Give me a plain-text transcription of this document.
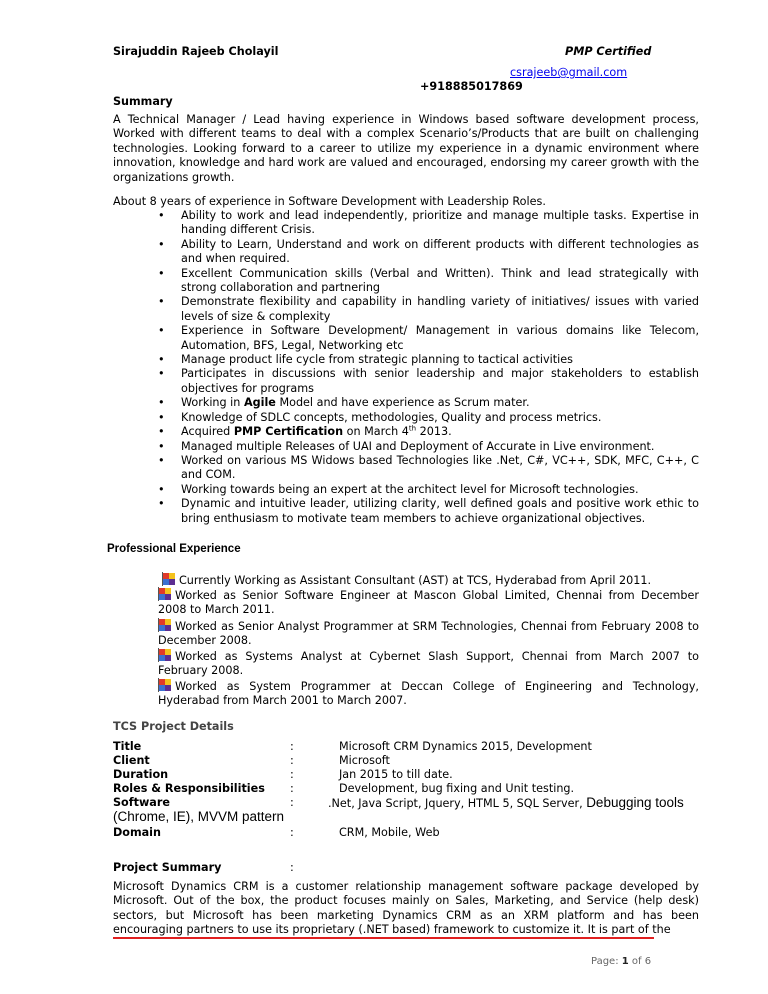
Sirajuddin Rajeeb Cholayil	PMP Certified
csrajeeb@gmail.com
+918885017869
Summary
A Technical Manager / Lead having experience in Windows based software development process, Worked with different teams to deal with a complex Scenario’s/Products that are built on challenging technologies. Looking forward to a career to utilize my experience in a dynamic environment where innovation, knowledge and hard work are valued and encouraged, endorsing my career growth with the organizations growth.
About 8 years of experience in Software Development with Leadership Roles.
• Ability to work and lead independently, prioritize and manage multiple tasks. Expertise in handing different Crisis.
• Ability to Learn, Understand and work on different products with different technologies as and when required.
• Excellent Communication skills (Verbal and Written). Think and lead strategically with strong collaboration and partnering
• Demonstrate flexibility and capability in handling variety of initiatives/ issues with varied levels of size & complexity
• Experience in Software Development/ Management in various domains like Telecom, Automation, BFS, Legal, Networking etc
• Manage product life cycle from strategic planning to tactical activities
• Participates in discussions with senior leadership and major stakeholders to establish objectives for programs
• Working in Agile Model and have experience as Scrum mater.
• Knowledge of SDLC concepts, methodologies, Quality and process metrics.
• Acquired PMP Certification on March 4th 2013.
• Managed multiple Releases of UAI and Deployment of Accurate in Live environment.
• Worked on various MS Widows based Technologies like .Net, C#, VC++, SDK, MFC, C++, C and COM.
• Working towards being an expert at the architect level for Microsoft technologies.
• Dynamic and intuitive leader, utilizing clarity, well defined goals and positive work ethic to bring enthusiasm to motivate team members to achieve organizational objectives.
Professional Experience
Currently Working as Assistant Consultant (AST) at TCS, Hyderabad from April 2011.
Worked as Senior Software Engineer at Mascon Global Limited, Chennai from December 2008 to March 2011.
Worked as Senior Analyst Programmer at SRM Technologies, Chennai from February 2008 to December 2008.
Worked as Systems Analyst at Cybernet Slash Support, Chennai from March 2007 to February 2008.
Worked as System Programmer at Deccan College of Engineering and Technology, Hyderabad from March 2001 to March 2007.
TCS Project Details
Title	:	Microsoft CRM Dynamics 2015, Development
Client	:	Microsoft
Duration	:	Jan 2015 to till date.
Roles & Responsibilities :	Development, bug fixing and Unit testing.
Software	:	.Net, Java Script, Jquery, HTML 5, SQL Server, Debugging tools
(Chrome, IE), MVVM pattern
Domain	:	CRM, Mobile, Web
Project Summary	:
Microsoft Dynamics CRM is a customer relationship management software package developed by Microsoft. Out of the box, the product focuses mainly on Sales, Marketing, and Service (help desk) sectors, but Microsoft has been marketing Dynamics CRM as an XRM platform and has been encouraging partners to use its proprietary (.NET based) framework to customize it. It is part of the
Page: 1 of 6
